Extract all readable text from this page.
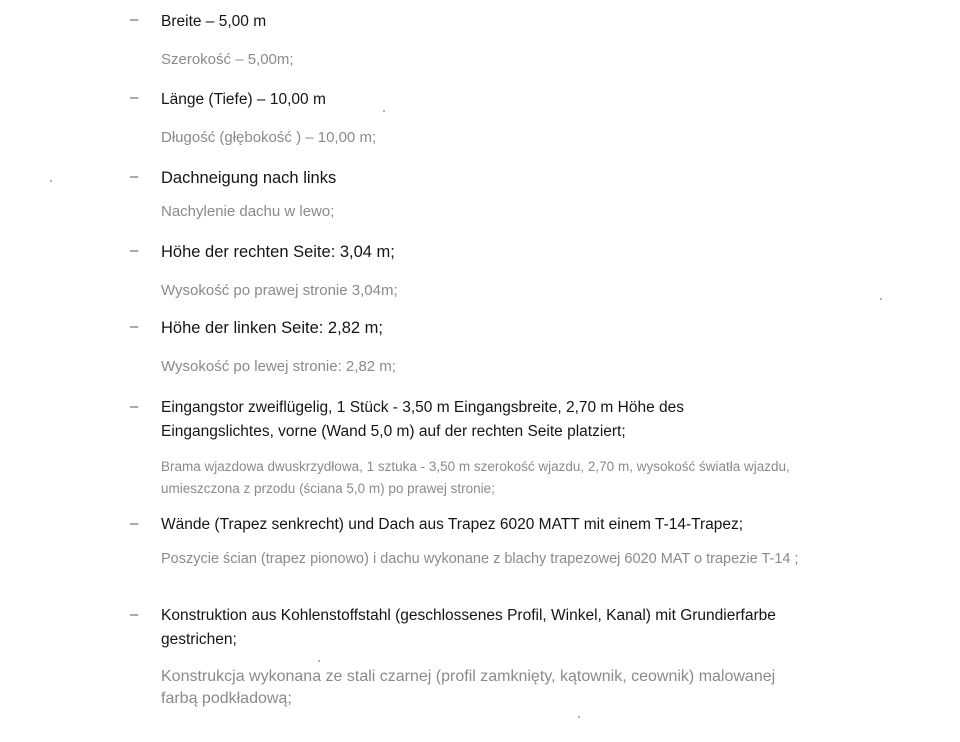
– Breite – 5,00 m
Szerokość – 5,00m;
– Länge (Tiefe) – 10,00 m
Długość (głębokość ) – 10,00 m;
– Dachneigung nach links
Nachylenie dachu w lewo;
– Höhe der rechten Seite: 3,04 m;
Wysokość po prawej stronie 3,04m;
– Höhe der linken Seite: 2,82 m;
Wysokość po lewej stronie: 2,82 m;
– Eingangstor zweiflügelig, 1 Stück - 3,50 m Eingangsbreite, 2,70 m Höhe des Eingangslichtes, vorne (Wand 5,0 m) auf der rechten Seite platziert;
Brama wjazdowa dwuskrzydłowa, 1 sztuka - 3,50 m szerokość wjazdu, 2,70 m, wysokość światła wjazdu, umieszczona z przodu (ściana 5,0 m) po prawej stronie;
– Wände (Trapez senkrecht) und Dach aus Trapez 6020 MATT mit einem T-14-Trapez;
Poszycie ścian (trapez pionowo) i dachu wykonane z blachy trapezowej 6020 MAT o trapezie T-14 ;
– Konstruktion aus Kohlenstoffstahl (geschlossenes Profil, Winkel, Kanal) mit Grundierfarbe gestrichen;
Konstrukcja wykonana ze stali czarnej (profil zamknięty, kątownik, ceownik) malowanej farbą podkładową;
